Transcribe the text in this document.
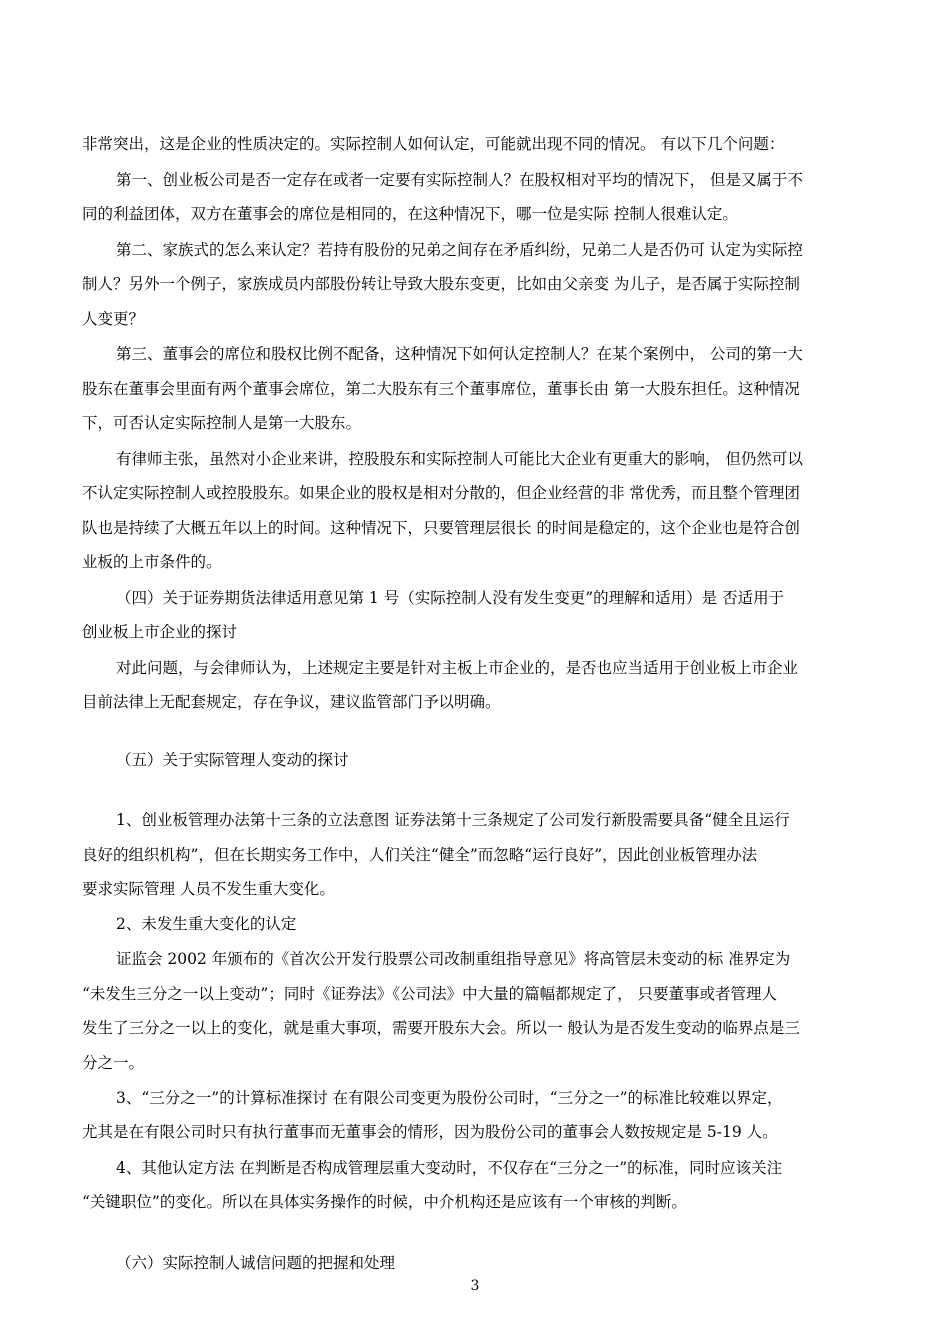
非常突出，这是企业的性质决定的。实际控制人如何认定，可能就出现不同的情况。 有以下几个问题：
第一、创业板公司是否一定存在或者一定要有实际控制人？在股权相对平均的情况下， 但是又属于不
同的利益团体，双方在董事会的席位是相同的，在这种情况下，哪一位是实际 控制人很难认定。
第二、家族式的怎么来认定？若持有股份的兄弟之间存在矛盾纠纷，兄弟二人是否仍可 认定为实际控
制人？另外一个例子，家族成员内部股份转让导致大股东变更，比如由父亲变 为儿子，是否属于实际控制
人变更？
第三、董事会的席位和股权比例不配备，这种情况下如何认定控制人？在某个案例中， 公司的第一大
股东在董事会里面有两个董事会席位，第二大股东有三个董事席位，董事长由 第一大股东担任。这种情况
下，可否认定实际控制人是第一大股东。
有律师主张，虽然对小企业来讲，控股股东和实际控制人可能比大企业有更重大的影响， 但仍然可以
不认定实际控制人或控股股东。如果企业的股权是相对分散的，但企业经营的非 常优秀，而且整个管理团
队也是持续了大概五年以上的时间。这种情况下，只要管理层很长 的时间是稳定的，这个企业也是符合创
业板的上市条件的。
（四）关于证券期货法律适用意见第 1 号（实际控制人没有发生变更”的理解和适用）是 否适用于
创业板上市企业的探讨
对此问题，与会律师认为，上述规定主要是针对主板上市企业的，是否也应当适用于创业板上市企业
目前法律上无配套规定，存在争议，建议监管部门予以明确。
（五）关于实际管理人变动的探讨
1、创业板管理办法第十三条的立法意图 证券法第十三条规定了公司发行新股需要具备“健全且运行
良好的组织机构”，但在长期实务工作中，人们关注“健全”而忽略“运行良好”，因此创业板管理办法
要求实际管理 人员不发生重大变化。
2、未发生重大变化的认定
证监会 2002 年颁布的《首次公开发行股票公司改制重组指导意见》将高管层未变动的标 准界定为
“未发生三分之一以上变动”；同时《证券法》《公司法》中大量的篇幅都规定了， 只要董事或者管理人
发生了三分之一以上的变化，就是重大事项，需要开股东大会。所以一 般认为是否发生变动的临界点是三
分之一。
3、“三分之一”的计算标准探讨 在有限公司变更为股份公司时，“三分之一”的标准比较难以界定，
尤其是在有限公司时只有执行董事而无董事会的情形，因为股份公司的董事会人数按规定是 5-19 人。
4、其他认定方法 在判断是否构成管理层重大变动时，不仅存在“三分之一”的标准，同时应该关注
“关键职位”的变化。所以在具体实务操作的时候，中介机构还是应该有一个审核的判断。
（六）实际控制人诚信问题的把握和处理
3
